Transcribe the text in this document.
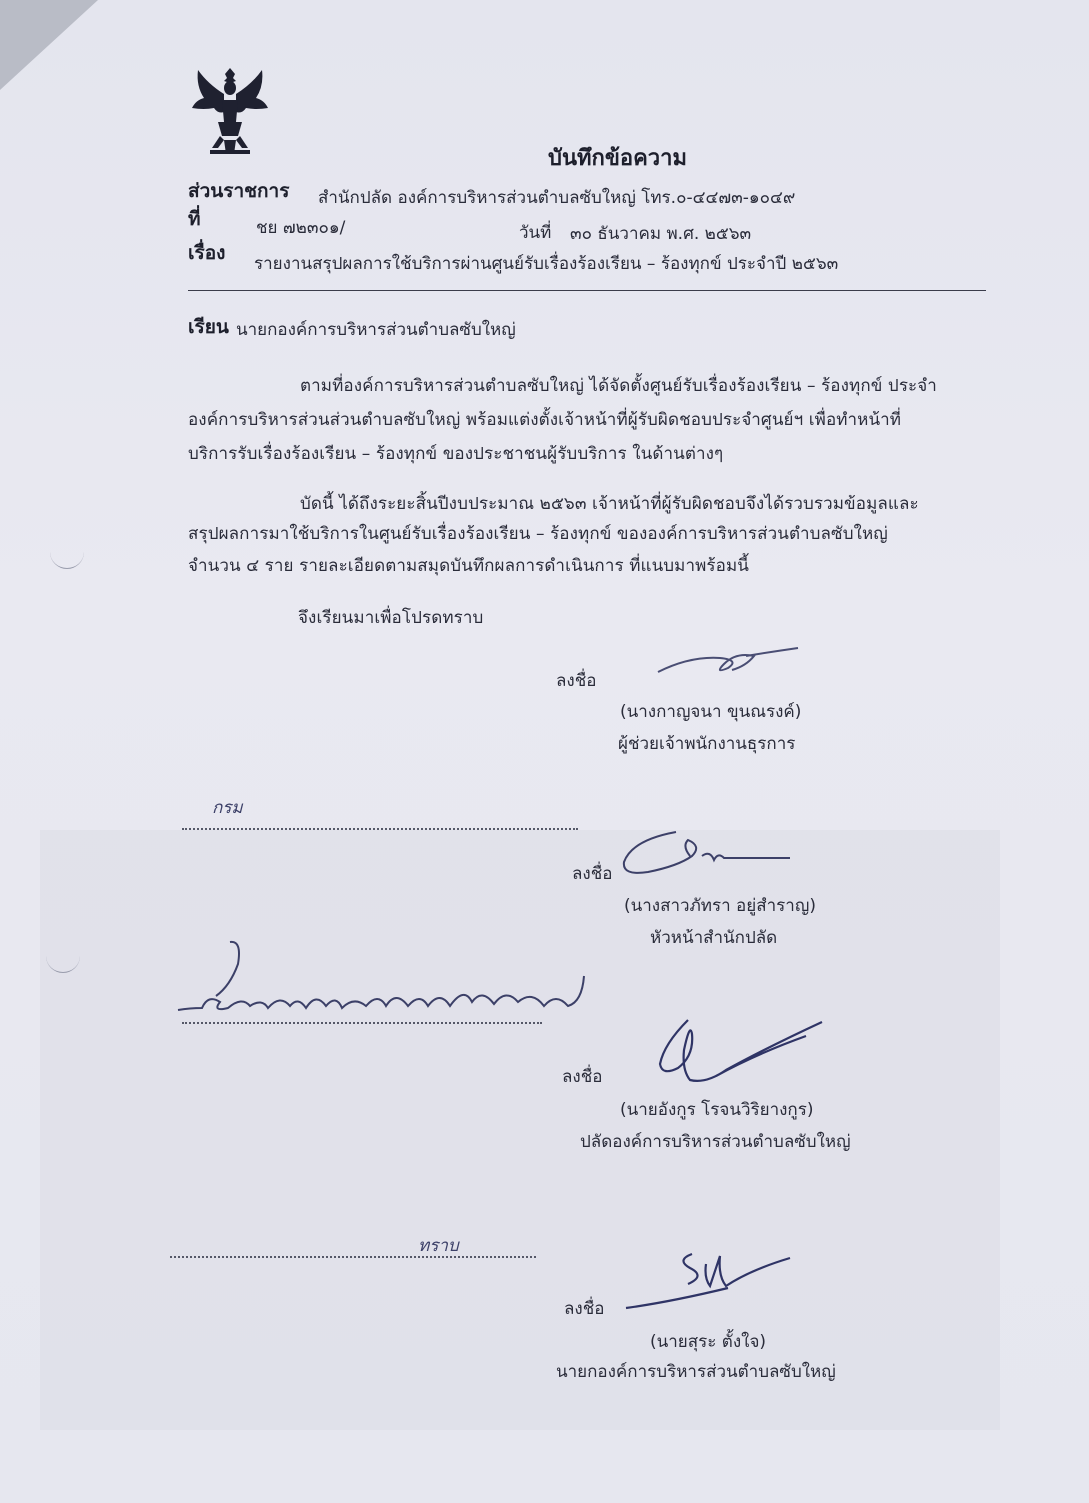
บันทึกข้อความ
ส่วนราชการ สำนักปลัด องค์การบริหารส่วนตำบลซับใหญ่ โทร.๐-๔๔๗๓-๑๐๔๙
ที่	ชย ๗๒๓๐๑/	วันที่ ๓๐ ธันวาคม พ.ศ. ๒๕๖๓
เรื่อง รายงานสรุปผลการใช้บริการผ่านศูนย์รับเรื่องร้องเรียน – ร้องทุกข์ ประจำปี ๒๕๖๓
เรียน นายกองค์การบริหารส่วนตำบลซับใหญ่
ตามที่องค์การบริหารส่วนตำบลซับใหญ่ ได้จัดตั้งศูนย์รับเรื่องร้องเรียน – ร้องทุกข์ ประจำ
องค์การบริหารส่วนส่วนตำบลซับใหญ่ พร้อมแต่งตั้งเจ้าหน้าที่ผู้รับผิดชอบประจำศูนย์ฯ เพื่อทำหน้าที่
บริการรับเรื่องร้องเรียน – ร้องทุกข์ ของประชาชนผู้รับบริการ ในด้านต่างๆ
บัดนี้ ได้ถึงระยะสิ้นปีงบประมาณ ๒๕๖๓ เจ้าหน้าที่ผู้รับผิดชอบจึงได้รวบรวมข้อมูลและ
สรุปผลการมาใช้บริการในศูนย์รับเรื่องร้องเรียน – ร้องทุกข์ ขององค์การบริหารส่วนตำบลซับใหญ่
จำนวน ๔ ราย รายละเอียดตามสมุดบันทึกผลการดำเนินการ ที่แนบมาพร้อมนี้
จึงเรียนมาเพื่อโปรดทราบ
ลงชื่อ
(นางกาญจนา ขุนณรงค์)
ผู้ช่วยเจ้าพนักงานธุรการ
กรม
ลงชื่อ
(นางสาวภัทรา อยู่สำราญ)
หัวหน้าสำนักปลัด
ลงชื่อ
(นายอังกูร โรจนวิริยางกูร)
ปลัดองค์การบริหารส่วนตำบลซับใหญ่
ทราบ
ลงชื่อ
(นายสุระ ตั้งใจ)
นายกองค์การบริหารส่วนตำบลซับใหญ่
